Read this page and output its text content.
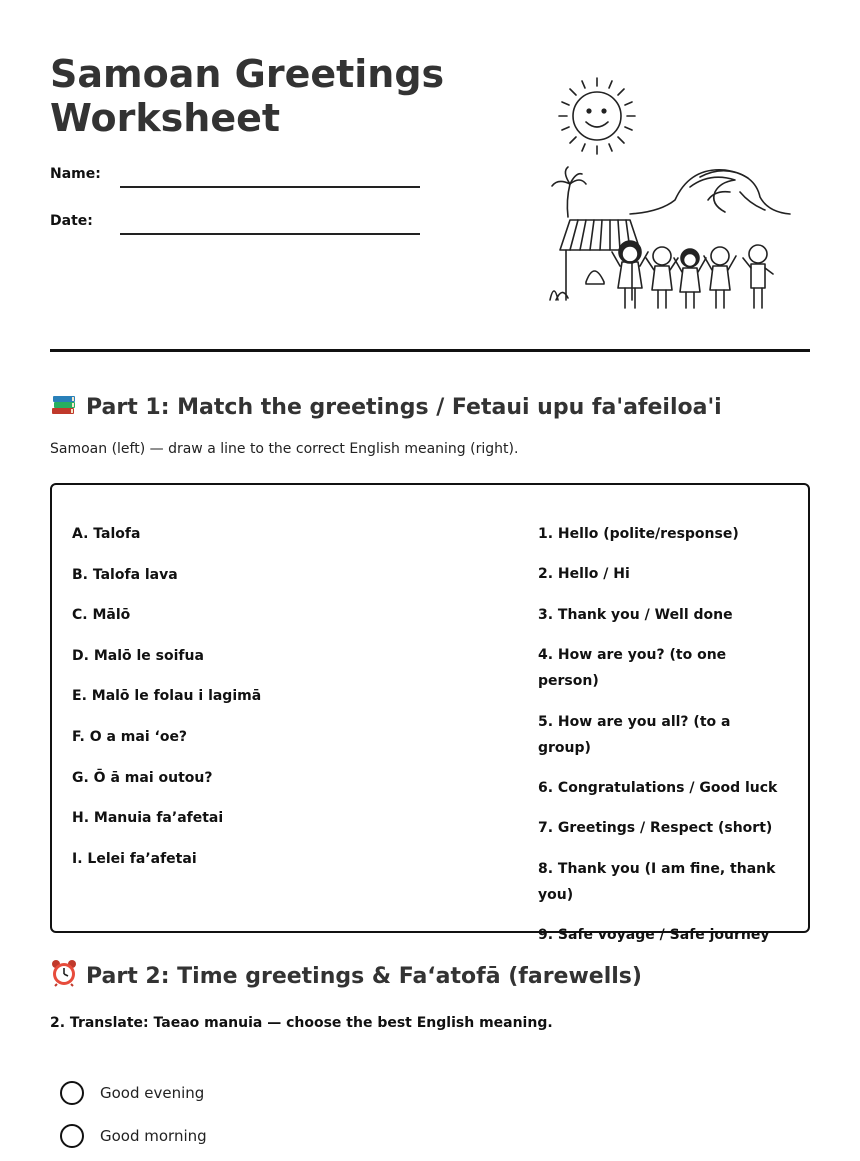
Samoan Greetings Worksheet
Name:
Date:
Part 1: Match the greetings / Fetaui upu fa'afeiloa'i
Samoan (left) — draw a line to the correct English meaning (right).
A. Talofa
B. Talofa lava
C. Mālō
D. Malō le soifua
E. Malō le folau i lagimā
F. O a mai ‘oe?
G. Ō ā mai outou?
H. Manuia fa’afetai
I. Lelei fa’afetai
1. Hello (polite/response)
2. Hello / Hi
3. Thank you / Well done
4. How are you? (to one person)
5. How are you all? (to a group)
6. Congratulations / Good luck
7. Greetings / Respect (short)
8. Thank you (I am fine, thank you)
9. Safe voyage / Safe journey
Part 2: Time greetings & Faʻatofā (farewells)
2. Translate: Taeao manuia — choose the best English meaning.
Good evening
Good morning
